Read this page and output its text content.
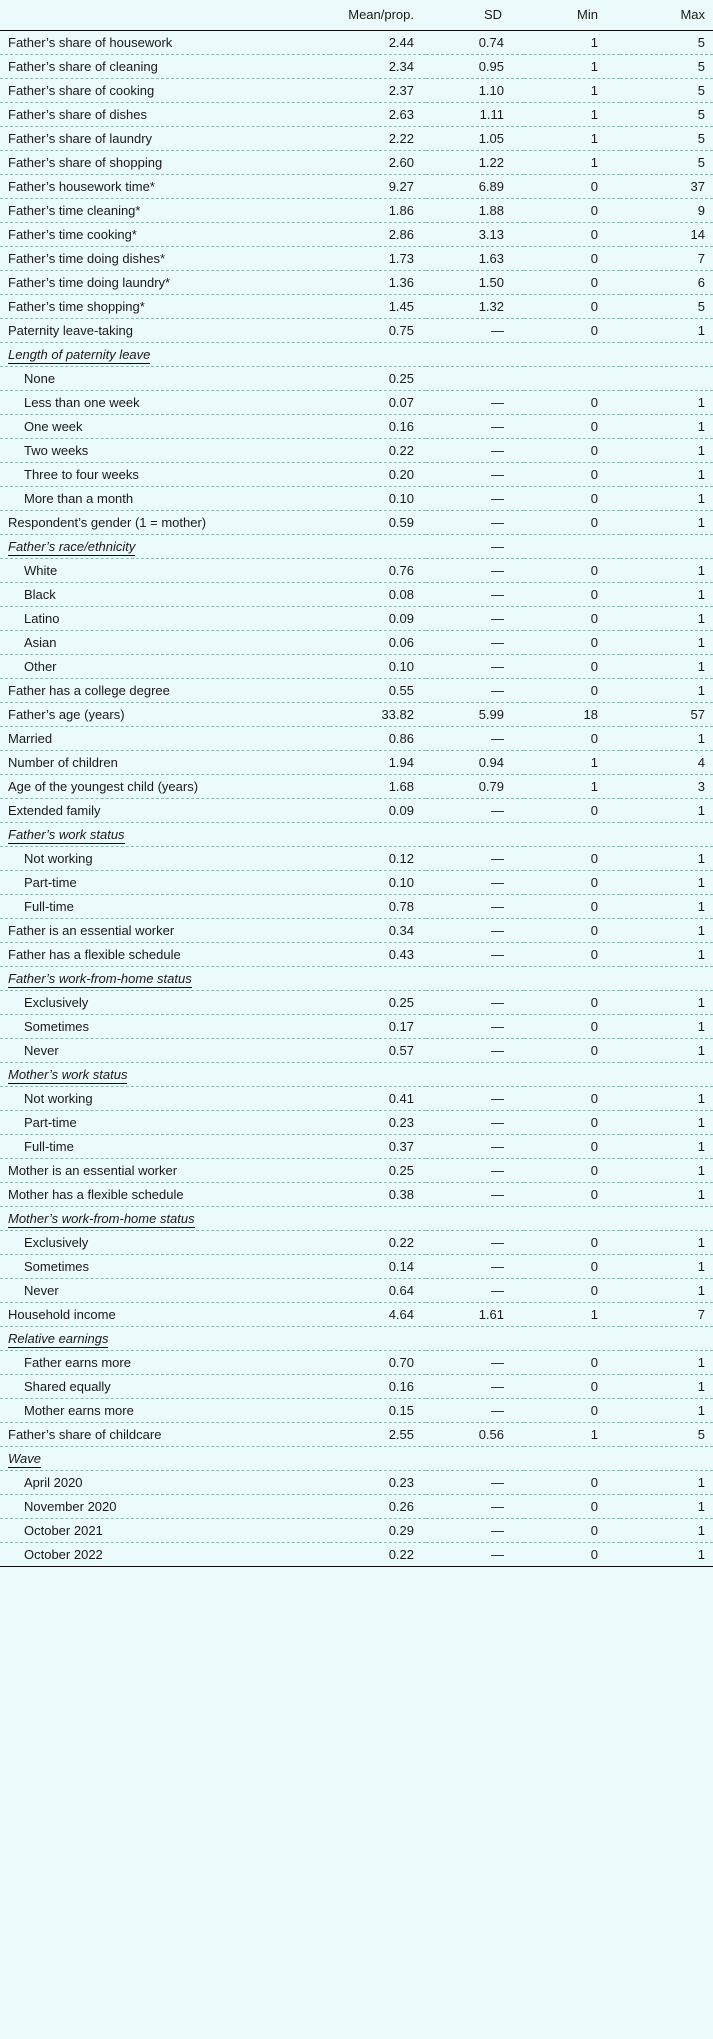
	Mean/prop.	SD	Min	Max
Father’s share of housework	2.44	0.74	1	5
Father’s share of cleaning	2.34	0.95	1	5
Father’s share of cooking	2.37	1.10	1	5
Father’s share of dishes	2.63	1.11	1	5
Father’s share of laundry	2.22	1.05	1	5
Father’s share of shopping	2.60	1.22	1	5
Father’s housework time*	9.27	6.89	0	37
Father’s time cleaning*	1.86	1.88	0	9
Father’s time cooking*	2.86	3.13	0	14
Father’s time doing dishes*	1.73	1.63	0	7
Father’s time doing laundry*	1.36	1.50	0	6
Father’s time shopping*	1.45	1.32	0	5
Paternity leave-taking	0.75	—	0	1
Length of paternity leave				
None	0.25			
Less than one week	0.07	—	0	1
One week	0.16	—	0	1
Two weeks	0.22	—	0	1
Three to four weeks	0.20	—	0	1
More than a month	0.10	—	0	1
Respondent’s gender (1 = mother)	0.59	—	0	1
Father’s race/ethnicity		—		
White	0.76	—	0	1
Black	0.08	—	0	1
Latino	0.09	—	0	1
Asian	0.06	—	0	1
Other	0.10	—	0	1
Father has a college degree	0.55	—	0	1
Father’s age (years)	33.82	5.99	18	57
Married	0.86	—	0	1
Number of children	1.94	0.94	1	4
Age of the youngest child (years)	1.68	0.79	1	3
Extended family	0.09	—	0	1
Father’s work status				
Not working	0.12	—	0	1
Part-time	0.10	—	0	1
Full-time	0.78	—	0	1
Father is an essential worker	0.34	—	0	1
Father has a flexible schedule	0.43	—	0	1
Father’s work-from-home status				
Exclusively	0.25	—	0	1
Sometimes	0.17	—	0	1
Never	0.57	—	0	1
Mother’s work status				
Not working	0.41	—	0	1
Part-time	0.23	—	0	1
Full-time	0.37	—	0	1
Mother is an essential worker	0.25	—	0	1
Mother has a flexible schedule	0.38	—	0	1
Mother’s work-from-home status				
Exclusively	0.22	—	0	1
Sometimes	0.14	—	0	1
Never	0.64	—	0	1
Household income	4.64	1.61	1	7
Relative earnings				
Father earns more	0.70	—	0	1
Shared equally	0.16	—	0	1
Mother earns more	0.15	—	0	1
Father’s share of childcare	2.55	0.56	1	5
Wave				
April 2020	0.23	—	0	1
November 2020	0.26	—	0	1
October 2021	0.29	—	0	1
October 2022	0.22	—	0	1
